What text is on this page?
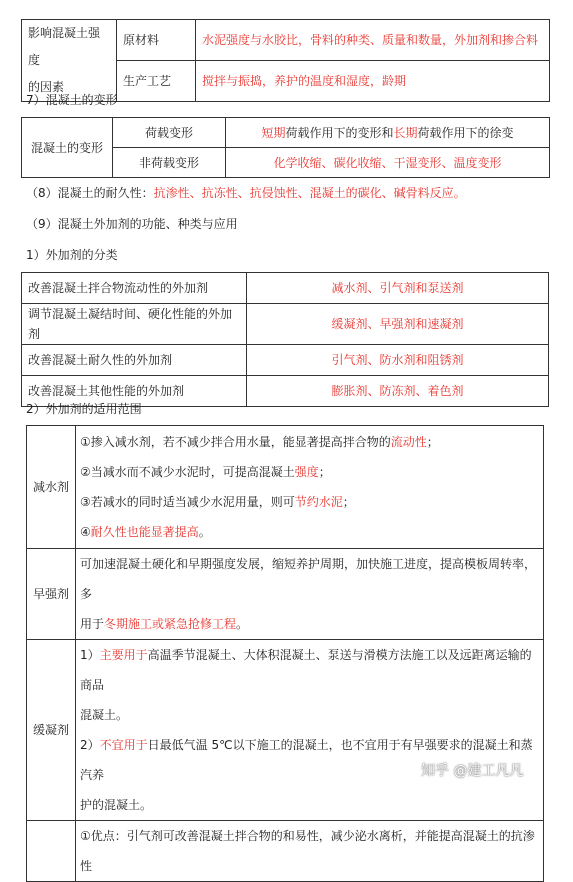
影响混凝土强度
的因素	原材料	水泥强度与水胶比，骨料的种类、质量和数量，外加剂和掺合料
	生产工艺	搅拌与振捣，养护的温度和湿度，龄期
7）混凝土的变形
混凝土的变形	荷载变形	短期荷载作用下的变形和长期荷载作用下的徐变
	非荷载变形	化学收缩、碳化收缩、干湿变形、温度变形
（8）混凝土的耐久性：抗渗性、抗冻性、抗侵蚀性、混凝土的碳化、碱骨料反应。
（9）混凝土外加剂的功能、种类与应用
1）外加剂的分类
改善混凝土拌合物流动性的外加剂	减水剂、引气剂和泵送剂
调节混凝土凝结时间、硬化性能的外加剂	缓凝剂、早强剂和速凝剂
改善混凝土耐久性的外加剂	引气剂、防水剂和阻锈剂
改善混凝土其他性能的外加剂	膨胀剂、防冻剂、着色剂
2）外加剂的适用范围
减水剂	①掺入减水剂，若不减少拌合用水量，能显著提高拌合物的流动性；

②当减水而不减少水泥时，可提高混凝土强度；

③若减水的同时适当减少水泥用量，则可节约水泥；

④耐久性也能显著提高。

早强剂	可加速混凝土硬化和早期强度发展，缩短养护周期，加快施工进度，提高模板周转率，多

用于冬期施工或紧急抢修工程。

缓凝剂	1）主要用于高温季节混凝土、大体积混凝土、泵送与滑模方法施工以及远距离运输的商品

混凝土。

2）不宜用于日最低气温 5℃以下施工的混凝土，也不宜用于有早强要求的混凝土和蒸汽养

护的混凝土。

	①优点：引气剂可改善混凝土拌合物的和易性，减少泌水离析，并能提高混凝土的抗渗性

知乎 @建工凡凡
